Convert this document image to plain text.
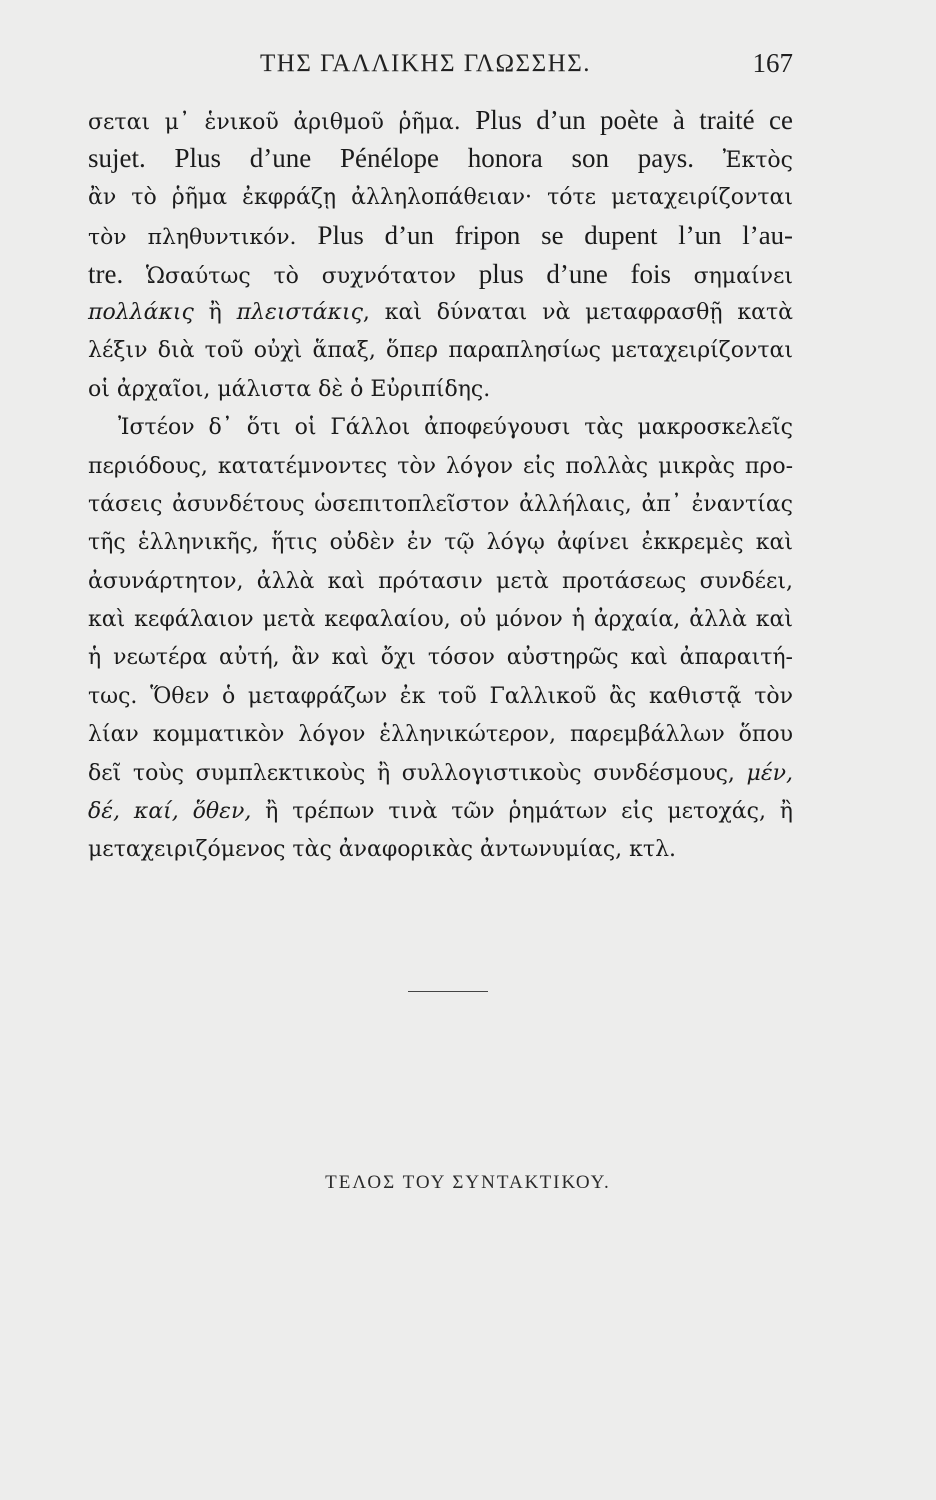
ΤΗΣ ΓΑΛΛΙΚΗΣ ΓΛΩΣΣΗΣ.	167
σεται μ᾽ ἑνικοῦ ἀριθμοῦ ῥῆμα. Plus d’un poète à traité ce
sujet. Plus d’une Pénélope honora son pays. Ἐκτὸς
ἂν τὸ ῥῆμα ἐκφράζῃ ἀλληλοπάθειαν· τότε μεταχειρίζονται
τὸν πληθυντικόν. Plus d’un fripon se dupent l’un l’au-
tre. Ὡσαύτως τὸ συχνότατον plus d’une fois σημαίνει
πολλάκις ἢ πλειστάκις, καὶ δύναται νὰ μεταφρασθῇ κατὰ
λέξιν διὰ τοῦ οὐχὶ ἅπαξ, ὅπερ παραπλησίως μεταχειρίζονται
οἱ ἀρχαῖοι, μάλιστα δὲ ὁ Εὐριπίδης.
Ἰστέον δ᾽ ὅτι οἱ Γάλλοι ἀποφεύγουσι τὰς μακροσκελεῖς
περιόδους, κατατέμνοντες τὸν λόγον εἰς πολλὰς μικρὰς προ-
τάσεις ἀσυνδέτους ὡσεπιτοπλεῖστον ἀλλήλαις, ἀπ᾽ ἐναντίας
τῆς ἑλληνικῆς, ἥτις οὐδὲν ἐν τῷ λόγῳ ἀφίνει ἐκκρεμὲς καὶ
ἀσυνάρτητον, ἀλλὰ καὶ πρότασιν μετὰ προτάσεως συνδέει,
καὶ κεφάλαιον μετὰ κεφαλαίου, οὐ μόνον ἡ ἀρχαία, ἀλλὰ καὶ
ἡ νεωτέρα αὐτή, ἂν καὶ ὄχι τόσον αὐστηρῶς καὶ ἀπαραιτή-
τως. Ὅθεν ὁ μεταφράζων ἐκ τοῦ Γαλλικοῦ ἂς καθιστᾷ τὸν
λίαν κομματικὸν λόγον ἑλληνικώτερον, παρεμβάλλων ὅπου
δεῖ τοὺς συμπλεκτικοὺς ἢ συλλογιστικοὺς συνδέσμους, μέν,
δέ, καί, ὅθεν, ἢ τρέπων τινὰ τῶν ῥημάτων εἰς μετοχάς, ἢ
μεταχειριζόμενος τὰς ἀναφορικὰς ἀντωνυμίας, κτλ.
ΤΕΛΟΣ ΤΟΥ ΣΥΝΤΑΚΤΙΚΟΥ.
